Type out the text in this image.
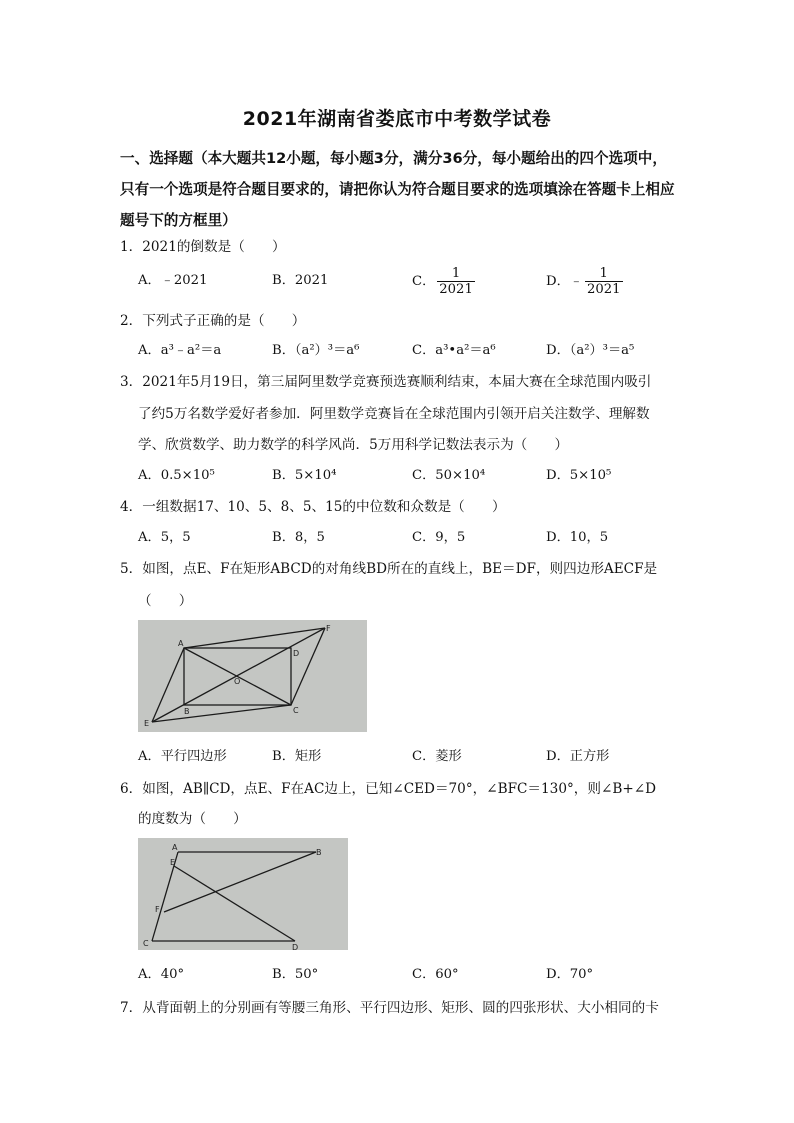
2021年湖南省娄底市中考数学试卷
一、选择题（本大题共12小题，每小题3分，满分36分，每小题给出的四个选项中，只有一个选项是符合题目要求的，请把你认为符合题目要求的选项填涂在答题卡上相应题号下的方框里）
1．2021的倒数是（　　）
A．﹣2021	B．2021	C． $\frac{1}{2021}$	D．﹣ $\frac{1}{2021}$
2．下列式子正确的是（　　）
A．a³﹣a²＝a	B．（a²）³＝a⁶	C．a³•a²＝a⁶	D．（a²）³＝a⁵
3．2021年5月19日，第三届阿里数学竞赛预选赛顺利结束，本届大赛在全球范围内吸引
了约5万名数学爱好者参加．阿里数学竞赛旨在全球范围内引领开启关注数学、理解数
学、欣赏数学、助力数学的科学风尚．5万用科学记数法表示为（　　）
A．0.5×10⁵	B．5×10⁴	C．50×10⁴	D．5×10⁵
4．一组数据17、10、5、8、5、15的中位数和众数是（　　）
A．5，5	B．8，5	C．9，5	D．10，5
5．如图，点E、F在矩形ABCD的对角线BD所在的直线上，BE＝DF，则四边形AECF是
（　　）
A
B	C
D
E
F
O
A．平行四边形	B．矩形	C．菱形	D．正方形
6．如图，AB∥CD，点E、F在AC边上，已知∠CED＝70°，∠BFC＝130°，则∠B+∠D
的度数为（　　）
A
B
C	D
E
F
A．40°	B．50°	C．60°	D．70°
7．从背面朝上的分别画有等腰三角形、平行四边形、矩形、圆的四张形状、大小相同的卡
